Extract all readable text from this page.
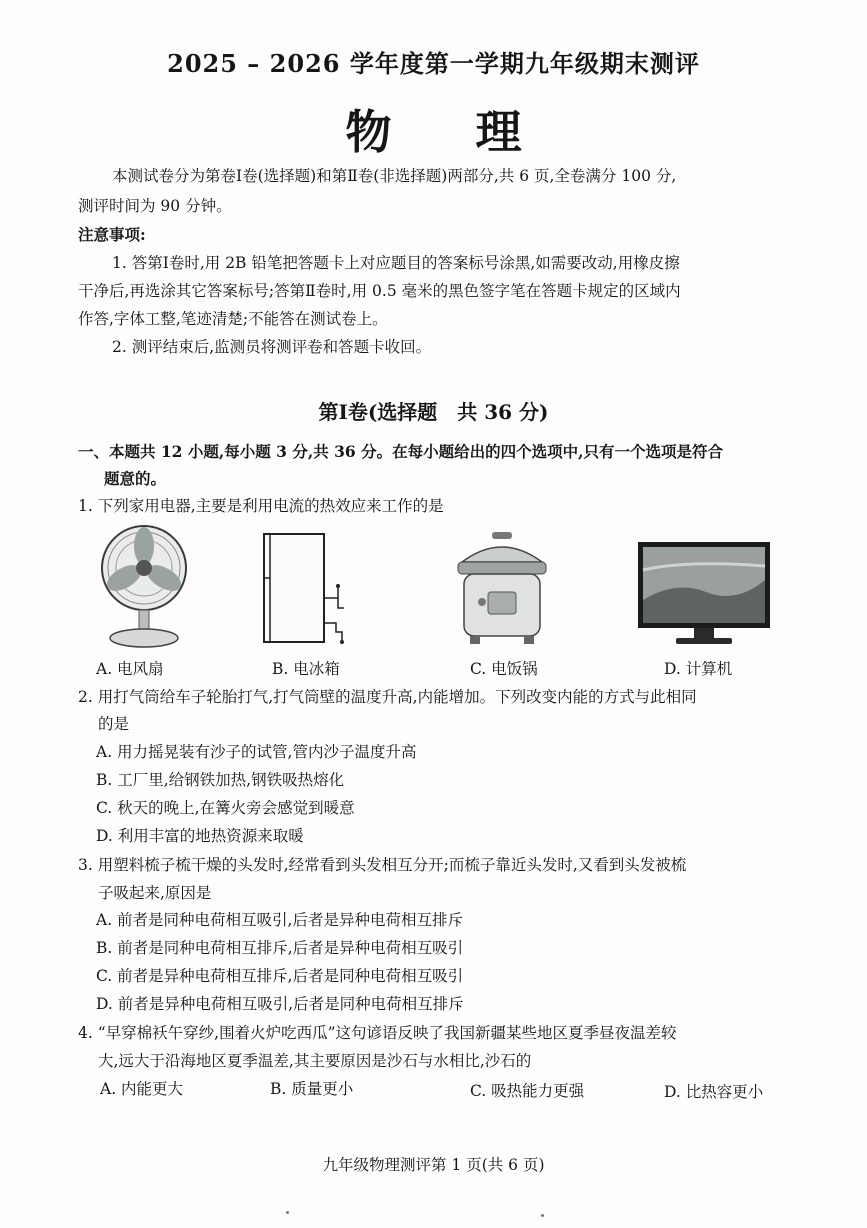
2025 – 2026 学年度第一学期九年级期末测评
物 理
本测试卷分为第卷Ⅰ卷(选择题)和第Ⅱ卷(非选择题)两部分,共 6 页,全卷满分 100 分,
测评时间为 90 分钟。
注意事项:
1. 答第Ⅰ卷时,用 2B 铅笔把答题卡上对应题目的答案标号涂黑,如需要改动,用橡皮擦
干净后,再选涂其它答案标号;答第Ⅱ卷时,用 0.5 毫米的黑色签字笔在答题卡规定的区域内
作答,字体工整,笔迹清楚;不能答在测试卷上。
2. 测评结束后,监测员将测评卷和答题卡收回。
第Ⅰ卷(选择题　共 36 分)
一、本题共 12 小题,每小题 3 分,共 36 分。在每小题给出的四个选项中,只有一个选项是符合
题意的。
1. 下列家用电器,主要是利用电流的热效应来工作的是
A. 电风扇	B. 电冰箱	C. 电饭锅	D. 计算机
2. 用打气筒给车子轮胎打气,打气筒壁的温度升高,内能增加。下列改变内能的方式与此相同
的是
A. 用力摇晃装有沙子的试管,管内沙子温度升高
B. 工厂里,给钢铁加热,钢铁吸热熔化
C. 秋天的晚上,在篝火旁会感觉到暖意
D. 利用丰富的地热资源来取暖
3. 用塑料梳子梳干燥的头发时,经常看到头发相互分开;而梳子靠近头发时,又看到头发被梳
子吸起来,原因是
A. 前者是同种电荷相互吸引,后者是异种电荷相互排斥
B. 前者是同种电荷相互排斥,后者是异种电荷相互吸引
C. 前者是异种电荷相互排斥,后者是同种电荷相互吸引
D. 前者是异种电荷相互吸引,后者是同种电荷相互排斥
4. “早穿棉袄午穿纱,围着火炉吃西瓜”这句谚语反映了我国新疆某些地区夏季昼夜温差较
大,远大于沿海地区夏季温差,其主要原因是沙石与水相比,沙石的
A. 内能更大	B. 质量更小	C. 吸热能力更强	D. 比热容更小
九年级物理测评第 1 页(共 6 页)
